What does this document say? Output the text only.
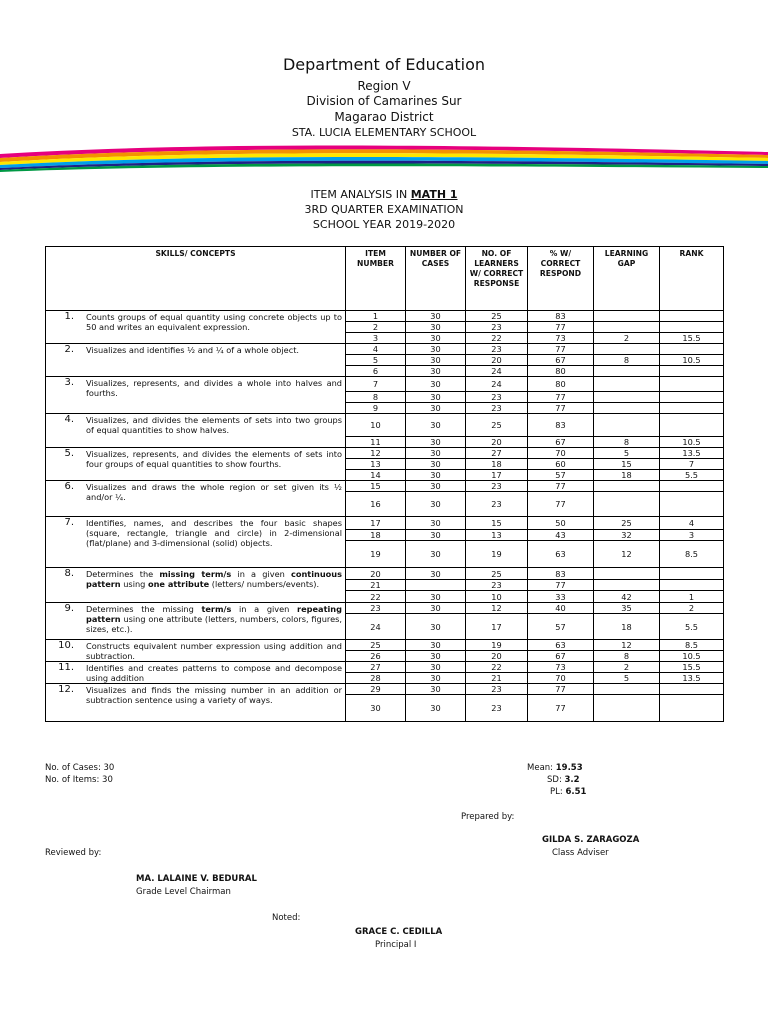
Department of Education
Region V
Division of Camarines Sur
Magarao District
STA. LUCIA ELEMENTARY SCHOOL
ITEM ANALYSIS IN MATH 1
3RD QUARTER EXAMINATION
SCHOOL YEAR 2019-2020
SKILLS/ CONCEPTS	ITEM NUMBER	NUMBER OF CASES	NO. OF LEARNERS W/ CORRECT RESPONSE	% W/ CORRECT RESPOND	LEARNING GAP	RANK

1. Counts groups of equal quantity using concrete objects up to 50 and writes an equivalent expression.	1	30	25	83		
	2	30	23	77		
	3	30	22	73	2	15.5

2. Visualizes and identifies ½ and ¼ of a whole object.	4	30	23	77		
	5	30	20	67	8	10.5
	6	30	24	80		

3. Visualizes, represents, and divides a whole into halves and fourths.	7	30	24	80		
	8	30	23	77		
	9	30	23	77		

4. Visualizes, and divides the elements of sets into two groups of equal quantities to show halves.	10	30	25	83		
	11	30	20	67	8	10.5

5. Visualizes, represents, and divides the elements of sets into four groups of equal quantities to show fourths.	12	30	27	70	5	13.5
	13	30	18	60	15	7
	14	30	17	57	18	5.5

6. Visualizes and draws the whole region or set given its ½ and/or ¼.	15	30	23	77		
	16	30	23	77		

7. Identifies, names, and describes the four basic shapes (square, rectangle, triangle and circle) in 2-dimensional (flat/plane) and 3-dimensional (solid) objects.	17	30	15	50	25	4
	18	30	13	43	32	3
	19	30	19	63	12	8.5

8. Determines the missing term/s in a given continuous pattern using one attribute (letters/ numbers/events).	20	30	25	83		
	21		23	77		
	22	30	10	33	42	1

9. Determines the missing term/s in a given repeating pattern using one attribute (letters, numbers, colors, figures, sizes, etc.).	23	30	12	40	35	2
	24	30	17	57	18	5.5

10. Constructs equivalent number expression using addition and subtraction.	25	30	19	63	12	8.5
	26	30	20	67	8	10.5

11. Identifies and creates patterns to compose and decompose using addition	27	30	22	73	2	15.5
	28	30	21	70	5	13.5

12. Visualizes and finds the missing number in an addition or subtraction sentence using a variety of ways.	29	30	23	77		
	30	30	23	77		
No. of Cases: 30
No. of Items: 30
Mean: 19.53
SD: 3.2
PL: 6.51
Prepared by:
GILDA S. ZARAGOZA
Class Adviser
Reviewed by:
MA. LALAINE V. BEDURAL
Grade Level Chairman
Noted:
GRACE C. CEDILLA
Principal I
